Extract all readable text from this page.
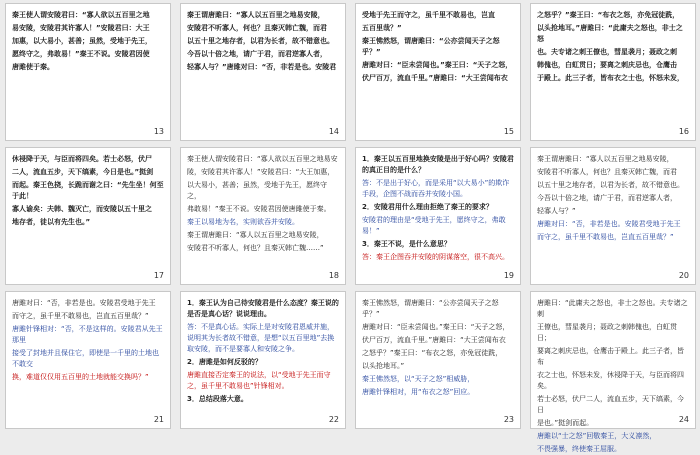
秦王使人谓安陵君曰：“寡人欲以五百里之地

易安陵，安陵君其许寡人！”安陵君曰：大王

加惠，以大易小，甚善；虽然，受地于先王，

愿终守之，弗敢易！”秦王不说。安陵君因使

唐雎使于秦。

13

秦王谓唐雎曰：“寡人以五百里之地易安陵，

安陵君不听寡人，何也？且秦灭韩亡魏，而君

以五十里之地存者，以君为长者，故不错意也。

今吾以十倍之地，请广于君，而君逆寡人者，

轻寡人与？”唐雎对曰：“否，非若是也。安陵君

14

受地于先王而守之，虽千里不敢易也，岂直

五百里哉？”

秦王怫然怒，谓唐雎曰：“公亦尝闻天子之怒乎？”

唐雎对曰：“臣未尝闻也。”秦王曰：“天子之怒，

伏尸百万，流血千里。”唐雎曰：“大王尝闻布衣

15

之怒乎？”秦王曰：“布衣之怒，亦免冠徒跣，

以头抢地耳。”唐雎曰：“此庸夫之怒也，非士之怒

也。夫专诸之刺王僚也，彗星袭月；聂政之刺

韩傀也，白虹贯日；要离之刺庆忌也，仓鹰击

于殿上。此三子者，皆布衣之士也，怀怒未发，

16

休祲降于天，与臣而将四矣。若士必怒，伏尸

二人，流血五步，天下缟素，今日是也。”挺剑

而起。秦王色挠，长跪而谢之曰：“先生坐！何至于此！

寡人谕矣：夫韩、魏灭亡，而安陵以五十里之

地存者，徒以有先生也。”

17

秦王使人谓安陵君曰：“寡人欲以五百里之地易安

陵，安陵君其许寡人！”安陵君曰：“大王加惠，

以大易小，甚善；虽然，受地于先王，愿终守之，

弗敢易！”秦王不说。安陵君因使唐雎使于秦。

秦王以易地为名，实则欲吞并安陵。

秦王谓唐雎曰：“寡人以五百里之地易安陵，

安陵君不听寡人，何也？且秦灭韩亡魏……”

18

1．秦王以五百里地换安陵是出于好心吗？安陵君的真正目的是什么？

答：不是出于好心，而是采用“以大易小”的欺诈手段，企图不战而吞并安陵小国。

2．安陵君用什么理由拒绝了秦王的要求？

安陵君的理由是“受地于先王，愿终守之，弗敢易！”

3．秦王不说，是什么意思？

答：秦王企图吞并安陵的阴谋落空，很不高兴。

19

秦王谓唐雎曰：“寡人以五百里之地易安陵，

安陵君不听寡人，何也？且秦灭韩亡魏，而君

以五十里之地存者，以君为长者，故不错意也。

今吾以十倍之地，请广于君，而君逆寡人者，

轻寡人与？”

唐雎对曰：“否，非若是也。安陵君受地于先王

而守之，虽千里不敢易也，岂直五百里哉？”

20

唐雎对曰：“否，非若是也。安陵君受地于先王

而守之，虽千里不敢易也，岂直五百里哉？”

唐雎针锋相对：“否，不是这样的。安陵君从先王那里

接受了封地并且保住它，即使是一千里的土地也不敢交

换，难道仅仅用五百里的土地就能交换吗？”

21

1．秦王认为自己待安陵君是什么态度？秦王说的是否是真心话？说说理由。

答：不是真心话。实际上是对安陵君恩威并施，说明其为长者故不错意，是想“以五百里地”去换取安陵，而不是要寡人和安陵之争。

2．唐雎是如何反驳的？

唐雎直接否定秦王的说法，以“受地于先王而守之，虽千里不敢易也”针锋相对。

3．总结段落大意。

22

秦王怫然怒，谓唐雎曰：“公亦尝闻天子之怒乎？”

唐雎对曰：“臣未尝闻也。”秦王曰：“天子之怒，

伏尸百万，流血千里。”唐雎曰：“大王尝闻布衣

之怒乎？”秦王曰：“布衣之怒，亦免冠徒跣，

以头抢地耳。”

秦王怫然怒，以“天子之怒”相威胁，

唐雎针锋相对，用“布衣之怒”回应。

23

唐雎曰：“此庸夫之怒也，非士之怒也。夫专诸之刺

王僚也，彗星袭月；聂政之刺韩傀也，白虹贯日；

要离之刺庆忌也，仓鹰击于殿上。此三子者，皆布

衣之士也，怀怒未发，休祲降于天，与臣而将四矣。

若士必怒，伏尸二人，流血五步，天下缟素，今日

是也。”挺剑而起。

唐雎以“士之怒”回敬秦王，大义凛然，

不畏强暴，终使秦王屈服。

24
